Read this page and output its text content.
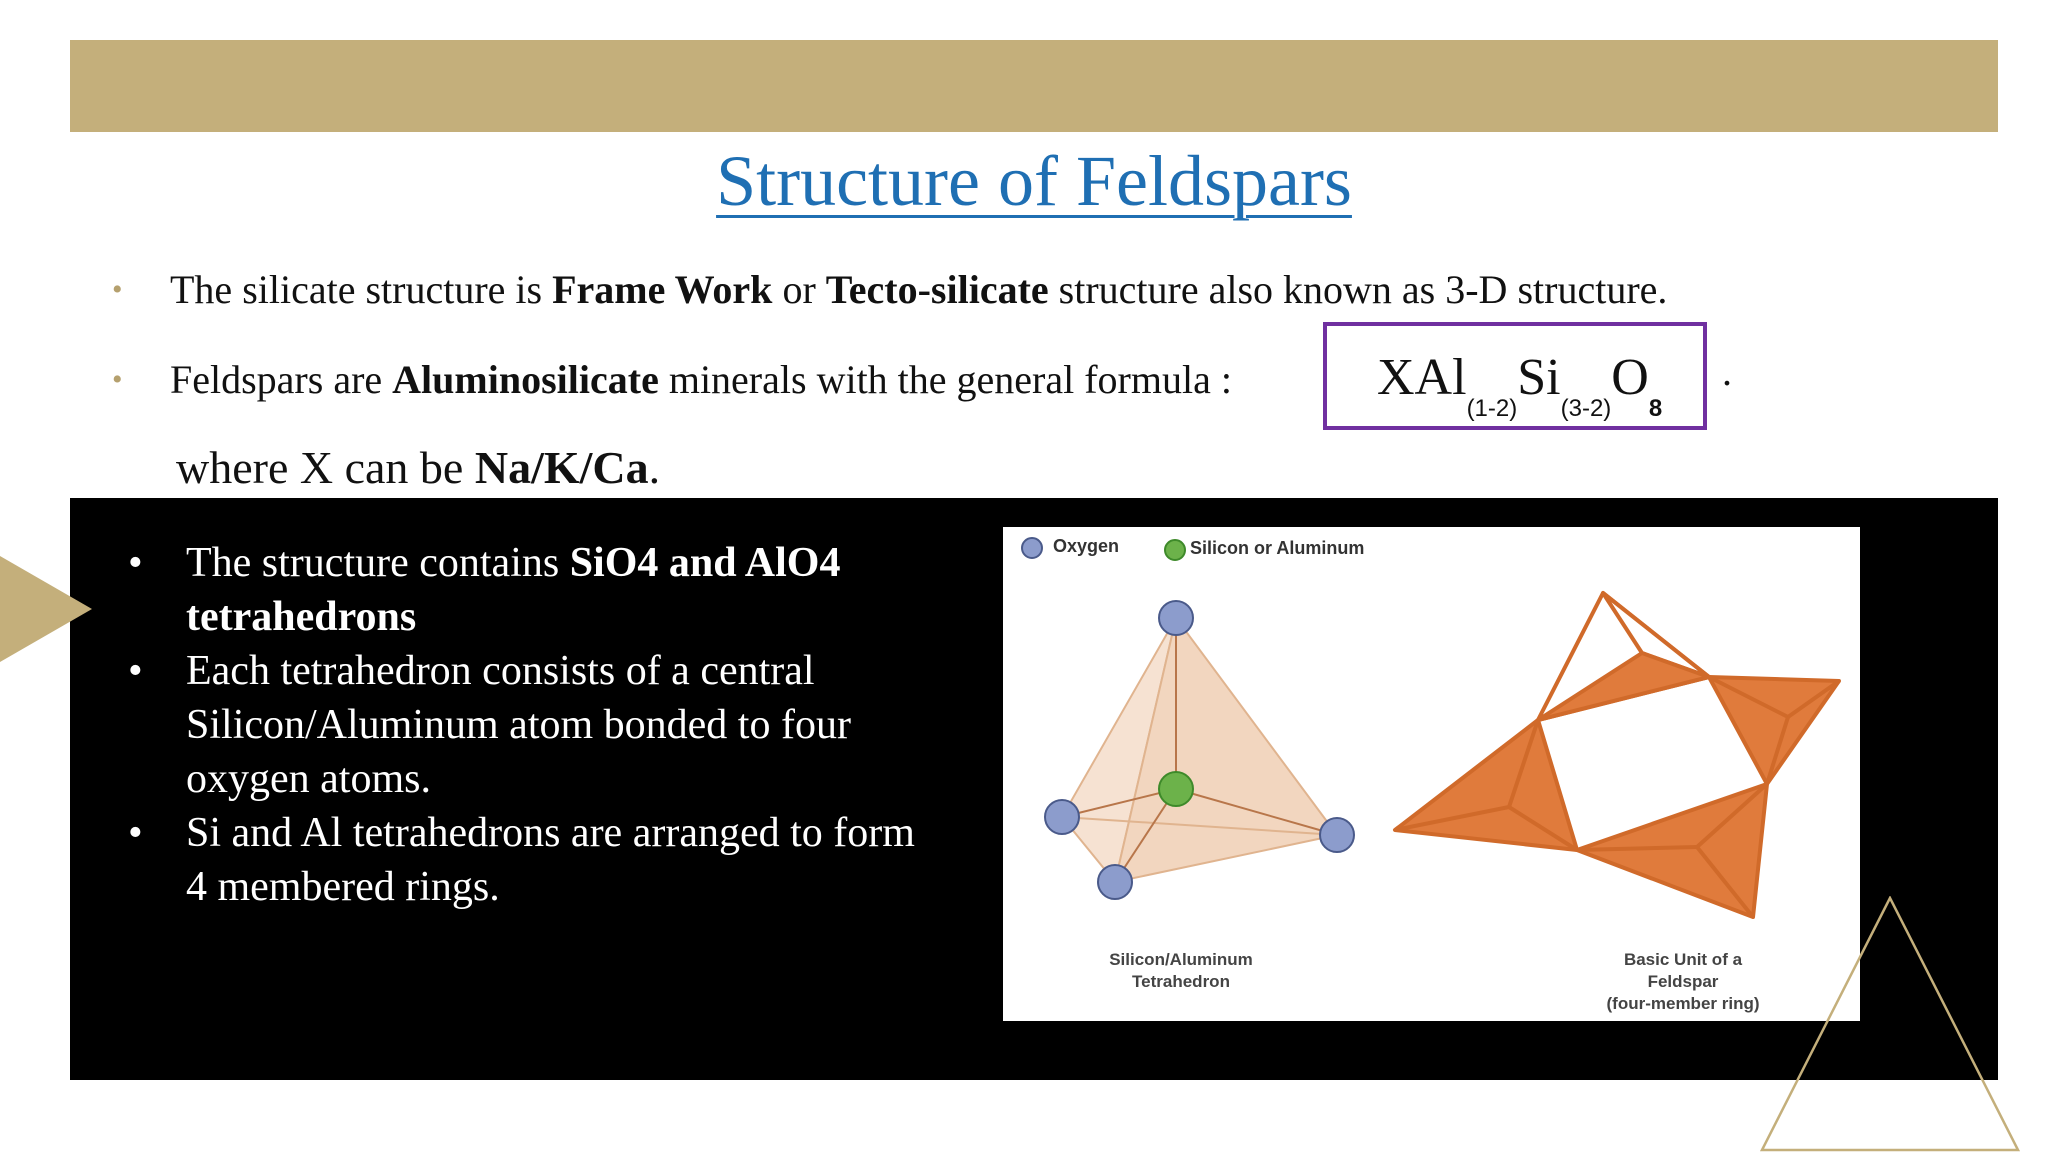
Structure of Feldspars
• The silicate structure is Frame Work or Tecto-silicate structure also known as 3-D structure.
• Feldspars are Aluminosilicate minerals with the general formula :	$XAl_{(1-2)}Si_{(3-2)}O_8$
.
where X can be Na/K/Ca.
• The structure contains SiO4 and AlO4 tetrahedrons
• Each tetrahedron consists of a central Silicon/Aluminum atom bonded to four oxygen atoms.
• Si and Al tetrahedrons are arranged to form 4 membered rings.
Oxygen	Silicon or Aluminum
Silicon/Aluminum
Tetrahedron
Basic Unit of a
Feldspar
(four-member ring)
